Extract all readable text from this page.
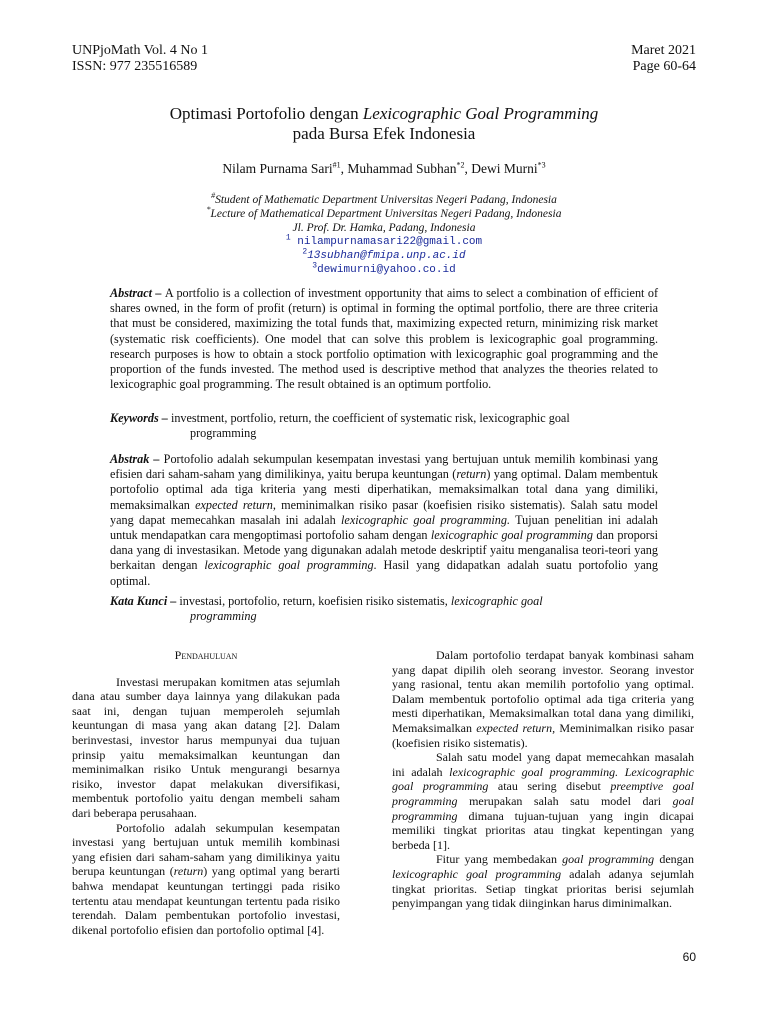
UNPjoMath Vol. 4 No 1
ISSN: 977 235516589
Maret 2021
Page 60-64
Optimasi Portofolio dengan Lexicographic Goal Programming
pada Bursa Efek Indonesia
Nilam Purnama Sari$^{\#1}$, Muhammad Subhan$^{*2}$, Dewi Murni$^{*3}$
#Student of Mathematic Department Universitas Negeri Padang, Indonesia
*Lecture of Mathematical Department Universitas Negeri Padang, Indonesia
Jl. Prof. Dr. Hamka, Padang, Indonesia
$^1$ nilampurnamasari22@gmail.com
$^2$13subhan@fmipa.unp.ac.id
$^3$dewimurni@yahoo.co.id
Abstract – A portfolio is a collection of investment opportunity that aims to select a combination of efficient of shares owned, in the form of profit (return) is optimal in forming the optimal portfolio, there are three criteria that must be considered, maximizing the total funds that, maximizing expected return, minimizing risk market (systematic risk coefficients). One model that can solve this problem is lexicographic goal programming. research purposes is how to obtain a stock portfolio optimation with lexicographic goal programming and the proportion of the funds invested. The method used is descriptive method that analyzes the theories related to lexicographic goal programming. The result obtained is an optimum portfolio.
Keywords – investment, portfolio, return, the coefficient of systematic risk, lexicographic goal
programming
Abstrak – Portofolio adalah sekumpulan kesempatan investasi yang bertujuan untuk memilih kombinasi yang efisien dari saham-saham yang dimilikinya, yaitu berupa keuntungan (return) yang optimal. Dalam membentuk portofolio optimal ada tiga kriteria yang mesti diperhatikan, memaksimalkan total dana yang dimiliki, memaksimalkan expected return, meminimalkan risiko pasar (koefisien risiko sistematis). Salah satu model yang dapat memecahkan masalah ini adalah lexicographic goal programming. Tujuan penelitian ini adalah untuk mendapatkan cara mengoptimasi portofolio saham dengan lexicographic goal programming dan proporsi dana yang di investasikan. Metode yang digunakan adalah metode deskriptif yaitu menganalisa teori-teori yang berkaitan dengan lexicographic goal programming. Hasil yang didapatkan adalah suatu portofolio yang optimal.
Kata Kunci – investasi, portofolio, return, koefisien risiko sistematis, lexicographic goal
programming

Pendahuluan

Investasi merupakan komitmen atas sejumlah dana atau sumber daya lainnya yang dilakukan pada saat ini, dengan tujuan memperoleh sejumlah keuntungan di masa yang akan datang [2]. Dalam berinvestasi, investor harus mempunyai dua tujuan prinsip yaitu memaksimalkan keuntungan dan meminimalkan risiko Untuk mengurangi besarnya risiko, investor dapat melakukan diversifikasi, membentuk portofolio yaitu dengan membeli saham dari beberapa perusahaan.

Portofolio adalah sekumpulan kesempatan investasi yang bertujuan untuk memilih kombinasi yang efisien dari saham-saham yang dimilikinya yaitu berupa keuntungan (return) yang optimal yang berarti bahwa mendapat keuntungan tertinggi pada risiko tertentu atau mendapat keuntungan tertentu pada risiko terendah. Dalam pembentukan portofolio investasi, dikenal portofolio efisien dan portofolio optimal [4].

Dalam portofolio terdapat banyak kombinasi saham yang dapat dipilih oleh seorang investor. Seorang investor yang rasional, tentu akan memilih portofolio yang optimal. Dalam membentuk portofolio optimal ada tiga criteria yang mesti diperhatikan, Memaksimalkan total dana yang dimiliki, Memaksimalkan expected return, Meminimalkan risiko pasar (koefisien risiko sistematis).

Salah satu model yang dapat memecahkan masalah ini adalah lexicographic goal programming. Lexicographic goal programming atau sering disebut preemptive goal programming merupakan salah satu model dari goal programming dimana tujuan-tujuan yang ingin dicapai memiliki tingkat prioritas atau tingkat kepentingan yang berbeda [1].

Fitur yang membedakan goal programming dengan lexicographic goal programming adalah adanya sejumlah tingkat prioritas. Setiap tingkat prioritas berisi sejumlah penyimpangan yang tidak diinginkan harus diminimalkan.

60
